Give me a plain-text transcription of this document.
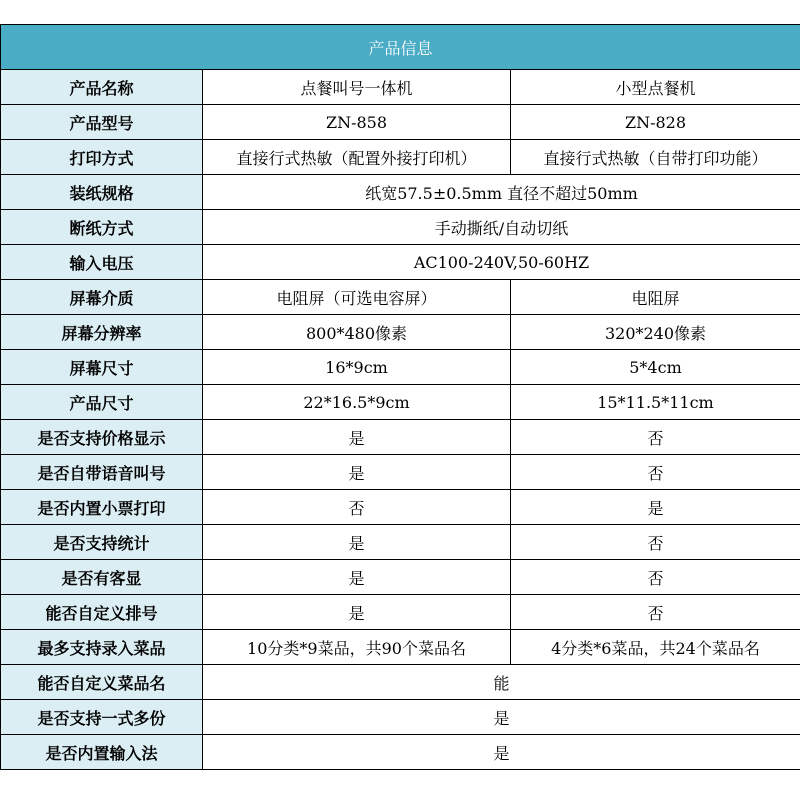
产品信息		
产品名称	点餐叫号一体机	小型点餐机
产品型号	ZN-858	ZN-828
打印方式	直接行式热敏（配置外接打印机）	直接行式热敏（自带打印功能）
装纸规格	纸宽57.5±0.5mm 直径不超过50mm	
断纸方式	手动撕纸/自动切纸	
输入电压	AC100-240V,50-60HZ	
屏幕介质	电阻屏（可选电容屏）	电阻屏
屏幕分辨率	800*480像素	320*240像素
屏幕尺寸	16*9cm	5*4cm
产品尺寸	22*16.5*9cm	15*11.5*11cm
是否支持价格显示	是	否
是否自带语音叫号	是	否
是否内置小票打印	否	是
是否支持统计	是	否
是否有客显	是	否
能否自定义排号	是	否
最多支持录入菜品	10分类*9菜品，共90个菜品名	4分类*6菜品，共24个菜品名
能否自定义菜品名	能	
是否支持一式多份	是	
是否内置输入法	是	
